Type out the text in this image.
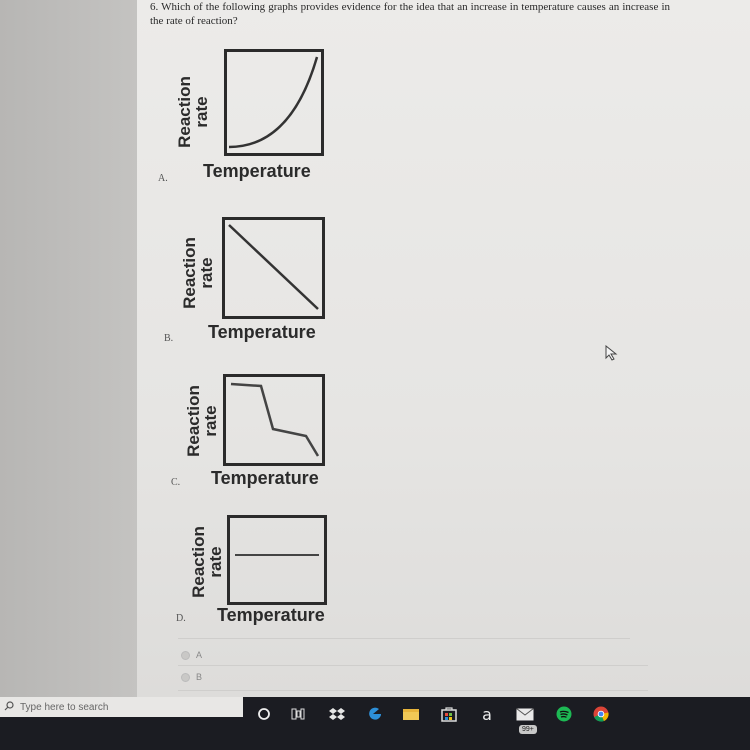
6. Which of the following graphs provides evidence for the idea that an increase in temperature causes an increase in the rate of reaction?
Reaction
rate
Temperature
A.
Reaction
rate
Temperature
B.
Reaction
rate
Temperature
C.
Reaction
rate
Temperature
D.
A
B
Type here to search	a
99+
